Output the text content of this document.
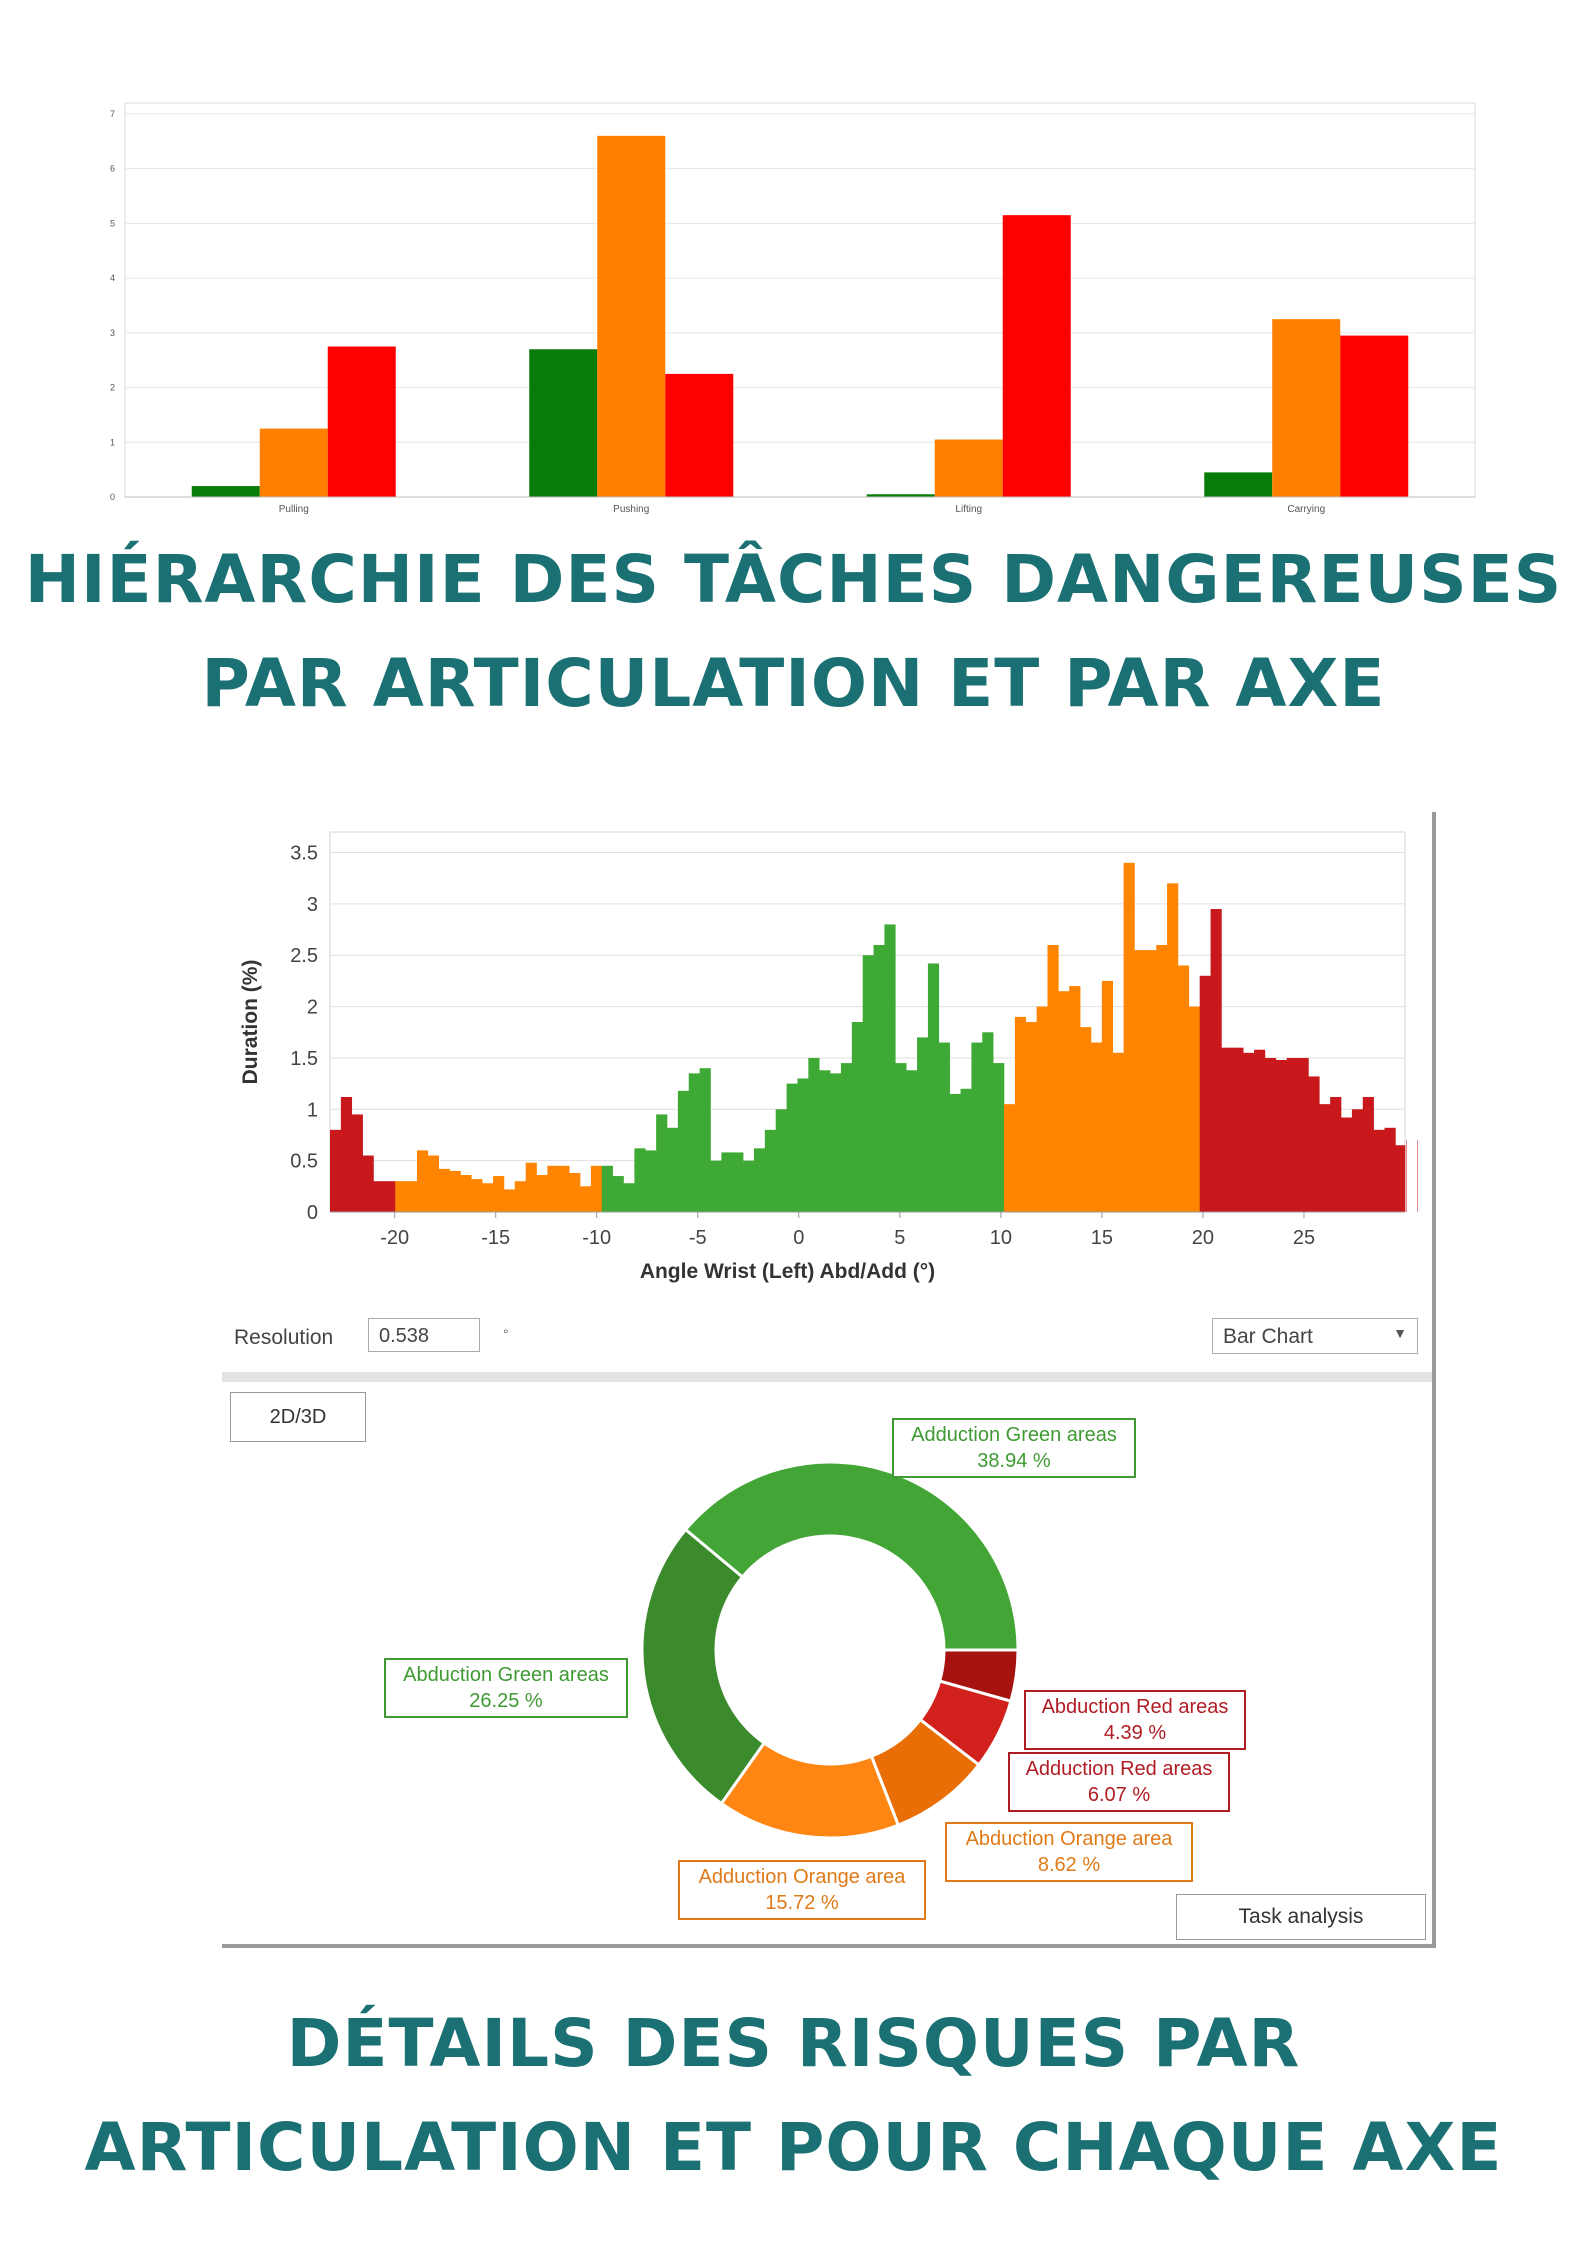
0
1
2
3
4
5
6
7
Pulling	Pushing	Lifting	Carrying
HIÉRARCHIE DES TÂCHES DANGEREUSES
PAR ARTICULATION ET PAR AXE
0
0.5
1
1.5
2
2.5
3
3.5
-20	-15	-10	-5	0	5	10	15	20	25
Angle Wrist (Left) Abd/Add (°)
Duration (%)
Resolution	0.538	°	Bar Chart	▼
2D/3D
Adduction Green areas
38.94 %
Abduction Red areas
4.39 %
Adduction Red areas
6.07 %
Abduction Orange area
8.62 %
Adduction Orange area
15.72 %
Abduction Green areas
26.25 %
Task analysis
DÉTAILS DES RISQUES PAR
ARTICULATION ET POUR CHAQUE AXE
